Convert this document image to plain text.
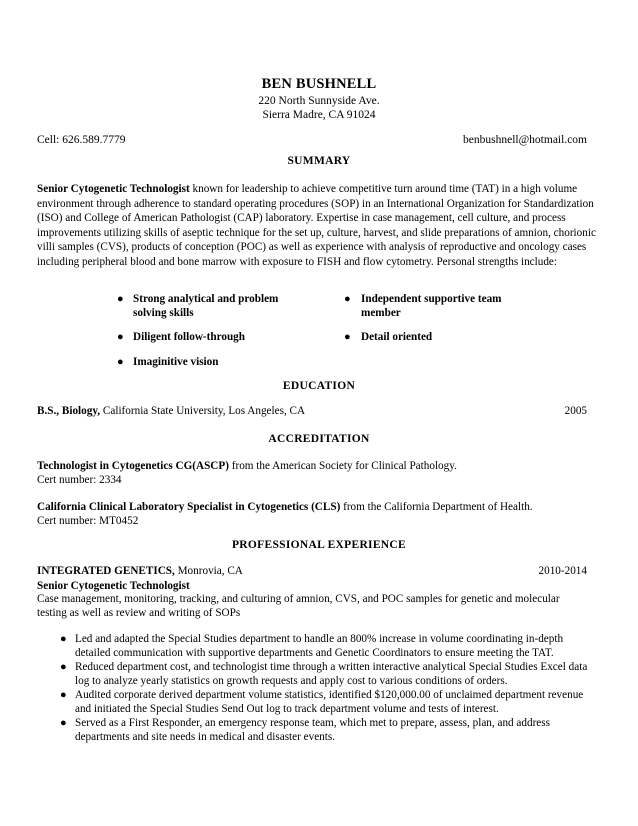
BEN BUSHNELL
220 North Sunnyside Ave.
Sierra Madre, CA 91024
Cell: 626.589.7779	benbushnell@hotmail.com
SUMMARY
Senior Cytogenetic Technologist known for leadership to achieve competitive turn around time (TAT) in a high volume environment through adherence to standard operating procedures (SOP) in an International Organization for Standardization (ISO) and College of American Pathologist (CAP) laboratory. Expertise in case management, cell culture, and process improvements utilizing skills of aseptic technique for the set up, culture, harvest, and slide preparations of amnion, chorionic villi samples (CVS), products of conception (POC) as well as experience with analysis of reproductive and oncology cases including peripheral blood and bone marrow with exposure to FISH and flow cytometry. Personal strengths include:
● Strong analytical and problem solving skills
● Independent supportive team member
● Diligent follow-through	● Detail oriented
● Imaginitive vision
EDUCATION
B.S., Biology, California State University, Los Angeles, CA	2005
ACCREDITATION
Technologist in Cytogenetics CG(ASCP) from the American Society for Clinical Pathology.
Cert number: 2334
California Clinical Laboratory Specialist in Cytogenetics (CLS) from the California Department of Health.
Cert number: MT0452
PROFESSIONAL EXPERIENCE
INTEGRATED GENETICS, Monrovia, CA	2010-2014
Senior Cytogenetic Technologist
Case management, monitoring, tracking, and culturing of amnion, CVS, and POC samples for genetic and molecular testing as well as review and writing of SOPs
● Led and adapted the Special Studies department to handle an 800% increase in volume coordinating in-depth detailed communication with supportive departments and Genetic Coordinators to ensure meeting the TAT.
● Reduced department cost, and technologist time through a written interactive analytical Special Studies Excel data log to analyze yearly statistics on growth requests and apply cost to various conditions of orders.
● Audited corporate derived department volume statistics, identified $120,000.00 of unclaimed department revenue and initiated the Special Studies Send Out log to track department volume and tests of interest.
● Served as a First Responder, an emergency response team, which met to prepare, assess, plan, and address departments and site needs in medical and disaster events.
